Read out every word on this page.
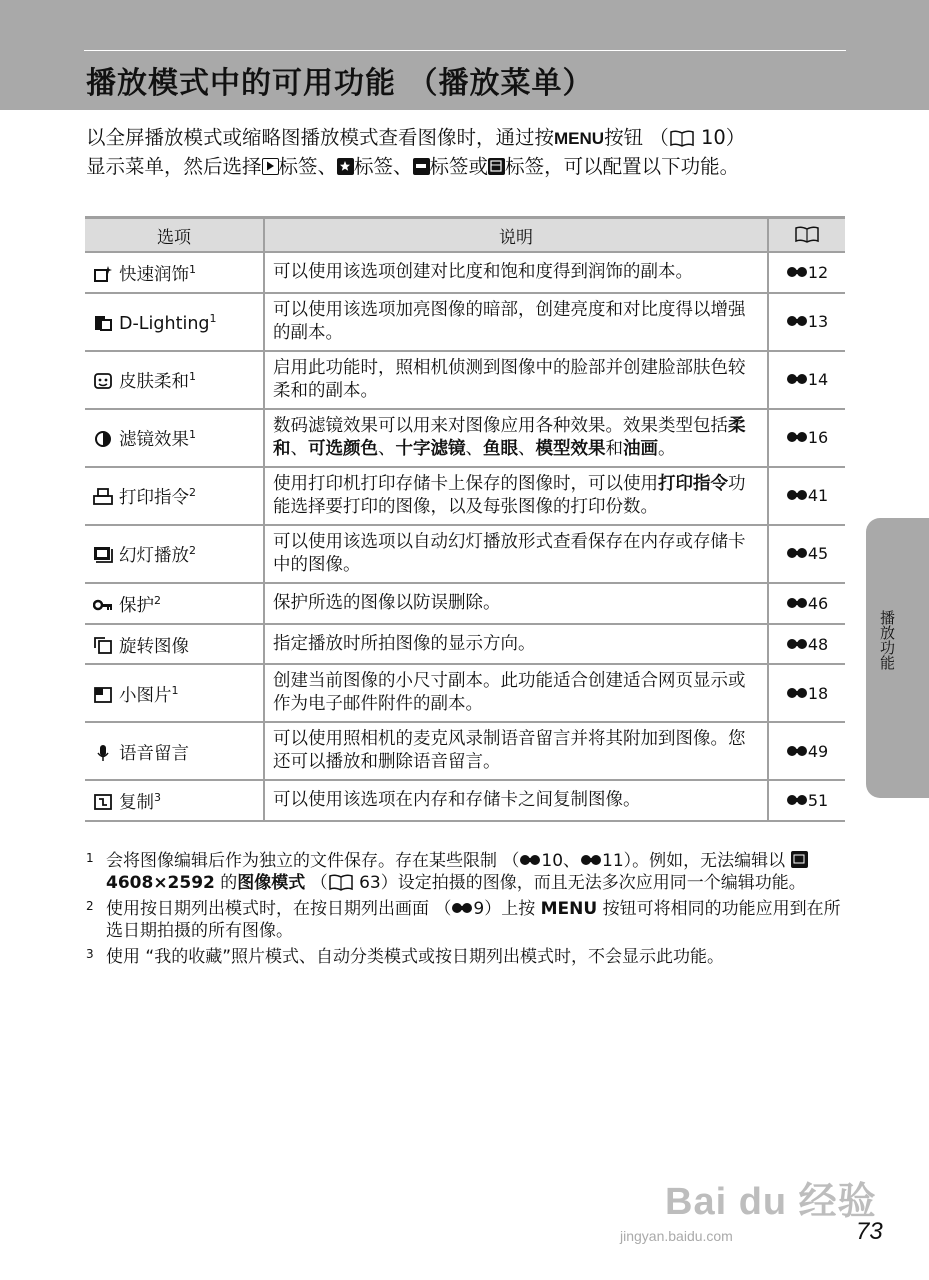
播放模式中的可用功能 （播放菜单）
以全屏播放模式或缩略图播放模式查看图像时，通过按MENU按钮 （ 10）
显示菜单，然后选择 标签、 标签、 标签或 标签，可以配置以下功能。
选项	说明	
快速润饰$^1$	可以使用该选项创建对比度和饱和度得到润饰的副本。	12
D-Lighting$^1$	可以使用该选项加亮图像的暗部，创建亮度和对比度得以增强的副本。	13
皮肤柔和$^1$	启用此功能时，照相机侦测到图像中的脸部并创建脸部肤色较柔和的副本。	14
滤镜效果$^1$	数码滤镜效果可以用来对图像应用各种效果。效果类型包括柔和、可选颜色、十字滤镜、鱼眼、模型效果和油画。	16
打印指令$^2$	使用打印机打印存储卡上保存的图像时，可以使用打印指令功能选择要打印的图像，以及每张图像的打印份数。	41
幻灯播放$^2$	可以使用该选项以自动幻灯播放形式查看保存在内存或存储卡中的图像。	45
保护$^2$	保护所选的图像以防误删除。	46
旋转图像	指定播放时所拍图像的显示方向。	48
小图片$^1$	创建当前图像的小尺寸副本。此功能适合创建适合网页显示或作为电子邮件附件的副本。	18
语音留言	可以使用照相机的麦克风录制语音留言并将其附加到图像。您还可以播放和删除语音留言。	49
复制$^3$	可以使用该选项在内存和存储卡之间复制图像。	51
1 会将图像编辑后作为独立的文件保存。存在某些限制 （ 10、 11）。例如，无法编辑以
4608×2592 的图像模式 （ 63）设定拍摄的图像，而且无法多次应用同一个编辑功能。
2 使用按日期列出模式时，在按日期列出画面 （ 9）上按 MENU 按钮可将相同的功能应用到在所选日期拍摄的所有图像。
3 使用 “我的收藏”照片模式、自动分类模式或按日期列出模式时，不会显示此功能。
播放功能
Bai du 经验
jingyan.baidu.com	73
